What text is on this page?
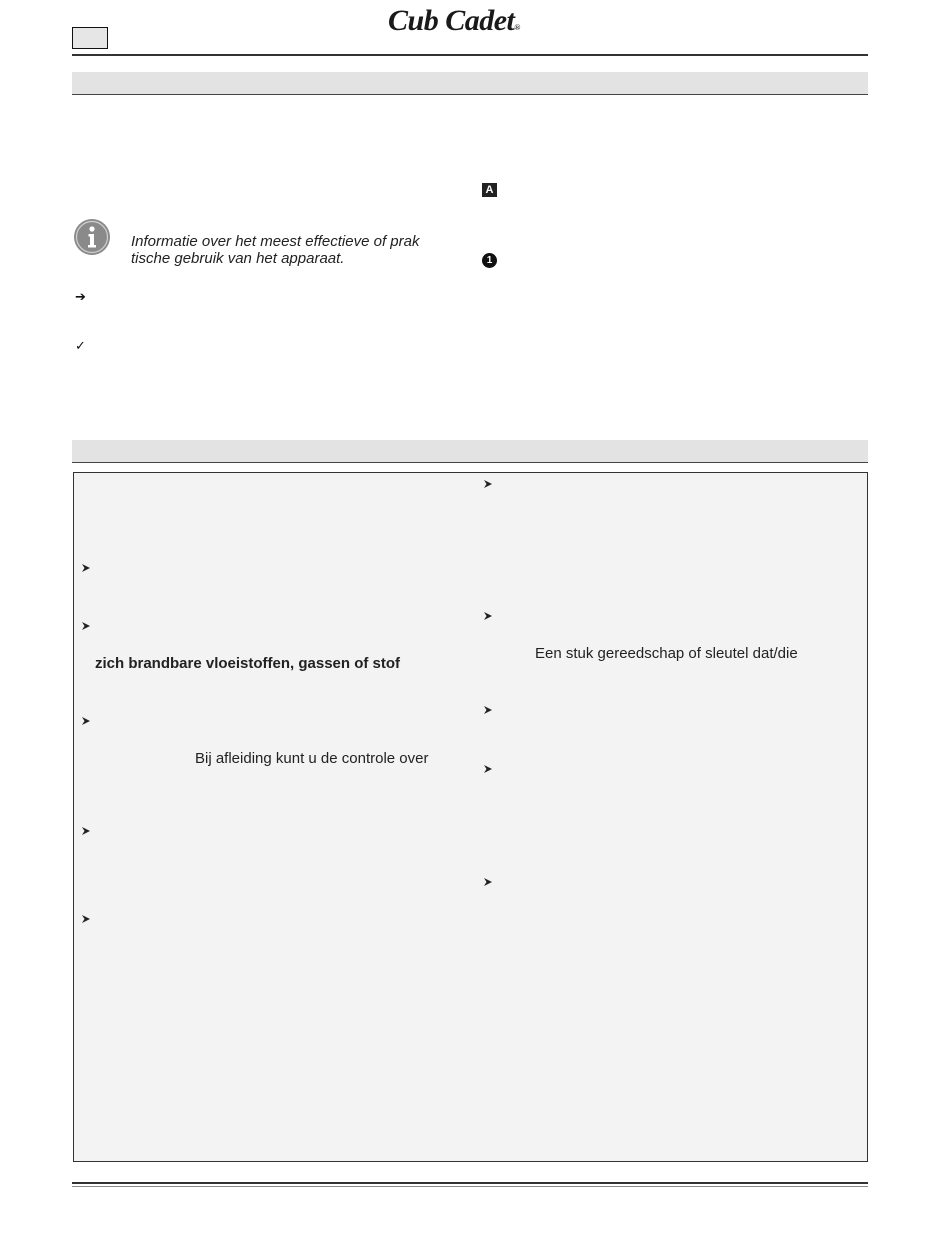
Cub Cadet®
Informatie over het meest effectieve of prak
tische gebruik van het apparaat.
➔
✓
A
1
zich brandbare vloeistoffen, gassen of stof
Bij afleiding kunt u de controle over
Een stuk gereedschap of sleutel dat/die
